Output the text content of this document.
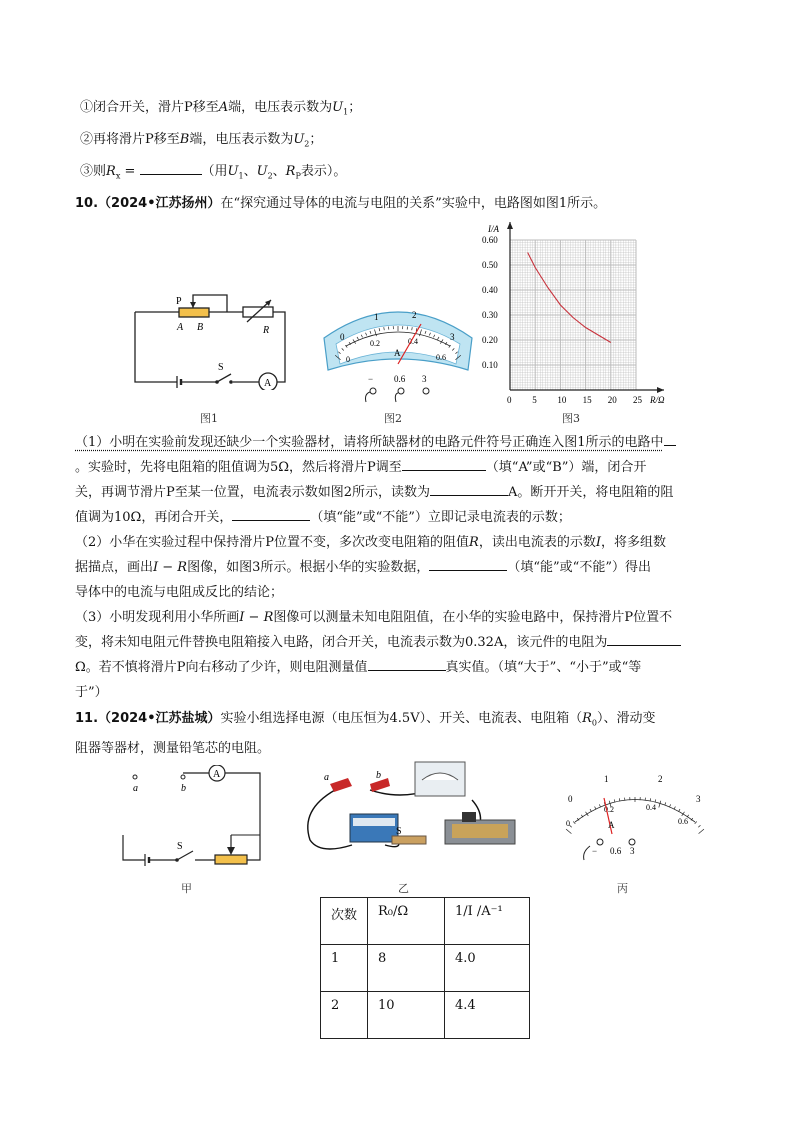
①闭合开关，滑片P移至A端，电压表示数为$U_1$；
②再将滑片P移至B端，电压表示数为$U_2$；
③则$R_x$ =	（用$U_1$、$U_2$、$R_P$表示）。
10.（2024•江苏扬州）在“探究通过导体的电流与电阻的关系”实验中，电路图如图1所示。
P
A B	R
S
A
图1
0
1	2
3
0
0.2	0.4
0.6
A
− 0.6 3
图2
0 5 10 15 20 25
0.10
0.20
0.30
0.40
0.50
0.60
R/Ω
I/A
图3
（1）小明在实验前发现还缺少一个实验器材，请将所缺器材的电路元件符号正确连入图1所示的电路中
。实验时，先将电阻箱的阻值调为5Ω，然后将滑片P调至	（填“A”或“B”）端，闭合开
关，再调节滑片P至某一位置，电流表示数如图2所示，读数为	A。断开开关，将电阻箱的阻
值调为10Ω，再闭合开关，	（填“能”或“不能”）立即记录电流表的示数；
（2）小华在实验过程中保持滑片P位置不变，多次改变电阻箱的阻值R，读出电流表的示数I，将多组数
据描点，画出I − R图像，如图3所示。根据小华的实验数据，	（填“能”或“不能”）得出
导体中的电流与电阻成反比的结论；
（3）小明发现利用小华所画I − R图像可以测量未知电阻阻值，在小华的实验电路中，保持滑片P位置不
变，将未知电阻元件替换电阻箱接入电路，闭合开关，电流表示数为0.32A，该元件的电阻为
Ω。若不慎将滑片P向右移动了少许，则电阻测量值	真实值。（填“大于”、“小于”或“等
于”）
11.（2024•江苏盐城）实验小组选择电源（电压恒为4.5V）、开关、电流表、电阻箱$(R_0)$、滑动变
阻器等器材，测量铅笔芯的电阻。
a	b
S
A
甲
a	b
S
乙
0
1	2
3
0
0.2	0.4
0.6
A
− 0.6 3
丙
次数	R₀/Ω	1/I /A⁻¹
1	8	4.0
2	10	4.4
